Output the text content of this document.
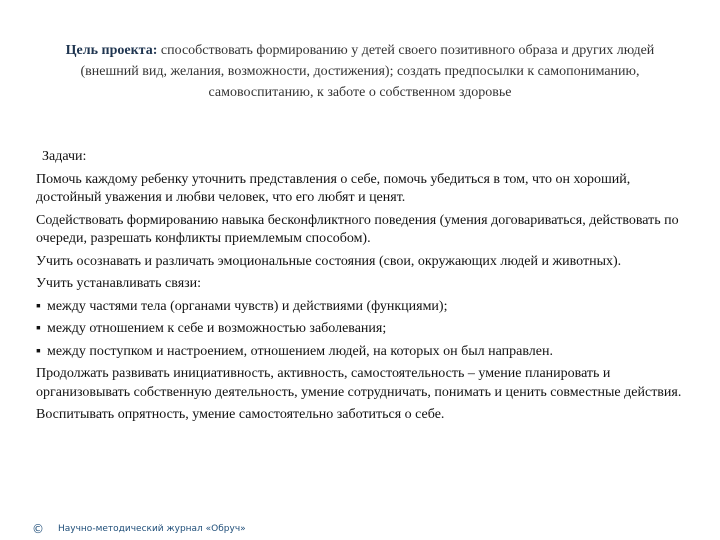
Цель проекта: способствовать формированию у детей своего позитивного образа и других людей (внешний вид, желания, возможности, достижения); создать предпосылки к самопониманию, самовоспитанию, к заботе о собственном здоровье
Задачи:

Помочь каждому ребенку уточнить представления о себе, помочь убедиться в том, что он хороший, достойный уважения и любви человек, что его любят и ценят.

Содействовать формированию навыка бесконфликтного поведения (умения договариваться, действовать по очереди, разрешать конфликты приемлемым способом).

Учить осознавать и различать эмоциональные состояния (свои, окружающих людей и животных).

Учить устанавливать связи:

▪ между частями тела (органами чувств) и действиями (функциями);

▪ между отношением к себе и возможностью заболевания;

▪ между поступком и настроением, отношением людей, на которых он был направлен.

Продолжать развивать инициативность, активность, самостоятельность – умение планировать и организовывать собственную деятельность, умение сотрудничать, понимать и ценить совместные действия.

Воспитывать опрятность, умение самостоятельно заботиться о себе.

© Научно-методический журнал «Обруч»
